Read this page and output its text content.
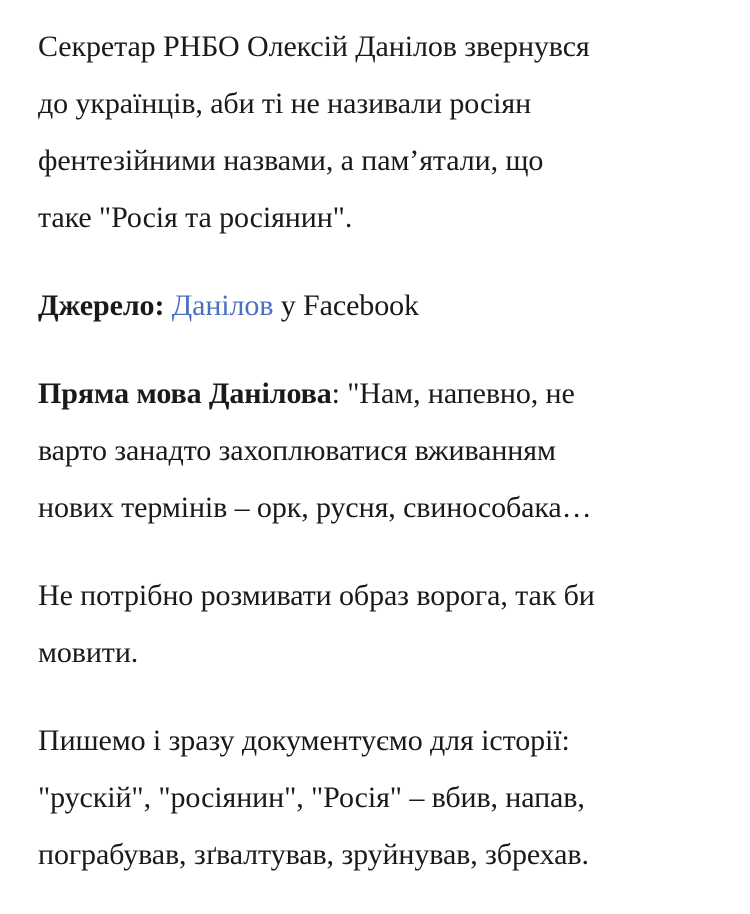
Секретар РНБО Олексій Данілов звернувся
до українців, аби ті не називали росіян
фентезійними назвами, а пам’ятали, що
таке "Росія та росіянин".

Джерело: Данілов у Facebook

Пряма мова Данілова: "Нам, напевно, не
варто занадто захоплюватися вживанням
нових термінів – орк, русня, свинособака…

Не потрібно розмивати образ ворога, так би
мовити.

Пишемо і зразу документуємо для історії:
"рускій", "росіянин", "Росія" – вбив, напав,
пограбував, зґвалтував, зруйнував, збрехав.
